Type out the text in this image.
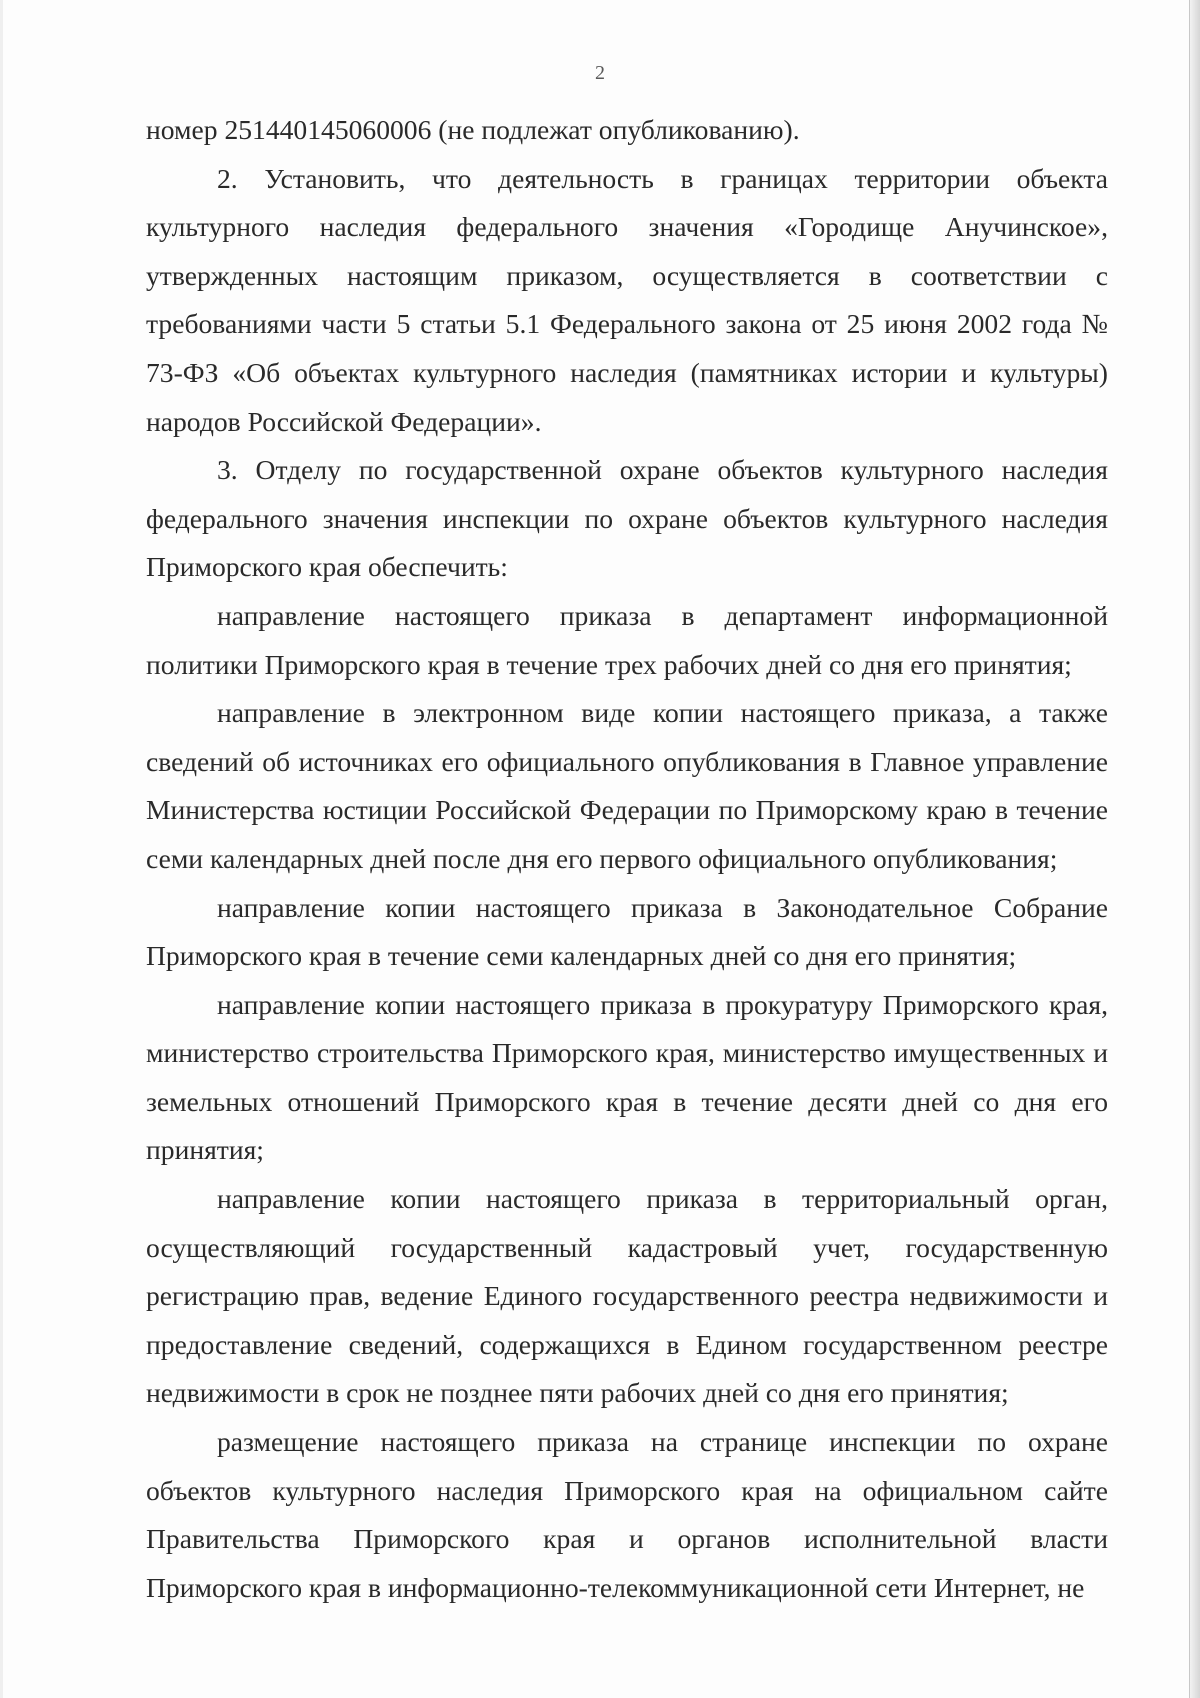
2

номер 251440145060006 (не подлежат опубликованию).

2. Установить, что деятельность в границах территории объекта культурного наследия федерального значения «Городище Анучинское», утвержденных настоящим приказом, осуществляется в соответствии с требованиями части 5 статьи 5.1 Федерального закона от 25 июня 2002 года № 73-ФЗ «Об объектах культурного наследия (памятниках истории и культуры) народов Российской Федерации».

3. Отделу по государственной охране объектов культурного наследия федерального значения инспекции по охране объектов культурного наследия Приморского края обеспечить:

направление настоящего приказа в департамент информационной политики Приморского края в течение трех рабочих дней со дня его принятия;

направление в электронном виде копии настоящего приказа, а также сведений об источниках его официального опубликования в Главное управление Министерства юстиции Российской Федерации по Приморскому краю в течение семи календарных дней после дня его первого официального опубликования;

направление копии настоящего приказа в Законодательное Собрание Приморского края в течение семи календарных дней со дня его принятия;

направление копии настоящего приказа в прокуратуру Приморского края, министерство строительства Приморского края, министерство имущественных и земельных отношений Приморского края в течение десяти дней со дня его принятия;

направление копии настоящего приказа в территориальный орган, осуществляющий государственный кадастровый учет, государственную регистрацию прав, ведение Единого государственного реестра недвижимости и предоставление сведений, содержащихся в Едином государственном реестре недвижимости в срок не позднее пяти рабочих дней со дня его принятия;

размещение настоящего приказа на странице инспекции по охране объектов культурного наследия Приморского края на официальном сайте Правительства Приморского края и органов исполнительной власти Приморского края в информационно-телекоммуникационной сети Интернет, не
